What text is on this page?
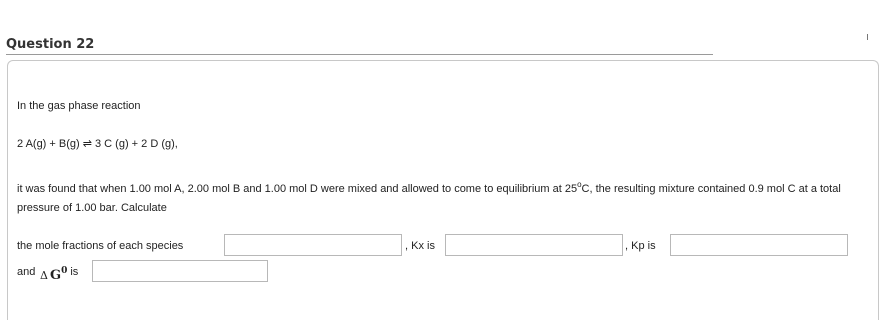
Question 22
In the gas phase reaction
2 A(g) + B(g) ⇌ 3 C (g) + 2 D (g),
it was found that when 1.00 mol A, 2.00 mol B and 1.00 mol D were mixed and allowed to come to equilibrium at 25$^o$C, the resulting mixture contained 0.9 mol C at a total pressure of 1.00 bar. Calculate
the mole fractions of each species	, Kx is	, Kp is
and Δ $G^0$ is
